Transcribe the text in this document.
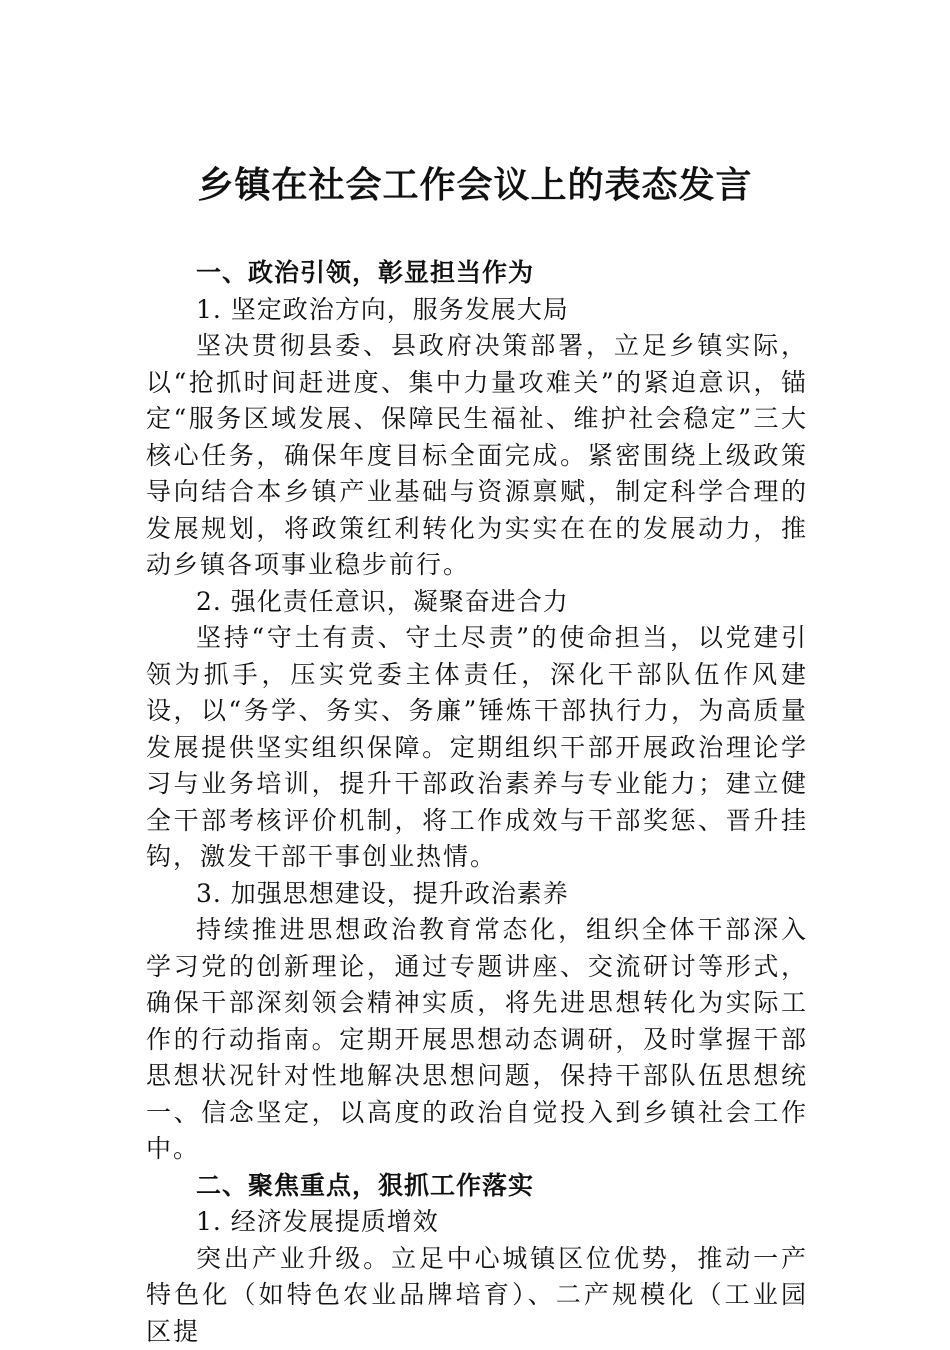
乡镇在社会工作会议上的表态发言

一、政治引领，彰显担当作为

1. 坚定政治方向，服务发展大局

坚决贯彻县委、县政府决策部署，立足乡镇实际，以“抢抓时间赶进度、集中力量攻难关”的紧迫意识，锚定“服务区域发展、保障民生福祉、维护社会稳定”三大核心任务，确保年度目标全面完成。紧密围绕上级政策导向结合本乡镇产业基础与资源禀赋，制定科学合理的发展规划，将政策红利转化为实实在在的发展动力，推动乡镇各项事业稳步前行。

2. 强化责任意识，凝聚奋进合力

坚持“守土有责、守土尽责”的使命担当，以党建引领为抓手，压实党委主体责任，深化干部队伍作风建设，以“务学、务实、务廉”锤炼干部执行力，为高质量发展提供坚实组织保障。定期组织干部开展政治理论学习与业务培训，提升干部政治素养与专业能力；建立健全干部考核评价机制，将工作成效与干部奖惩、晋升挂钩，激发干部干事创业热情。

3. 加强思想建设，提升政治素养

持续推进思想政治教育常态化，组织全体干部深入学习党的创新理论，通过专题讲座、交流研讨等形式，确保干部深刻领会精神实质，将先进思想转化为实际工作的行动指南。定期开展思想动态调研，及时掌握干部思想状况针对性地解决思想问题，保持干部队伍思想统一、信念坚定，以高度的政治自觉投入到乡镇社会工作中。

二、聚焦重点，狠抓工作落实

1. 经济发展提质增效

突出产业升级。立足中心城镇区位优势，推动一产特色化（如特色农业品牌培育）、二产规模化（工业园区提
